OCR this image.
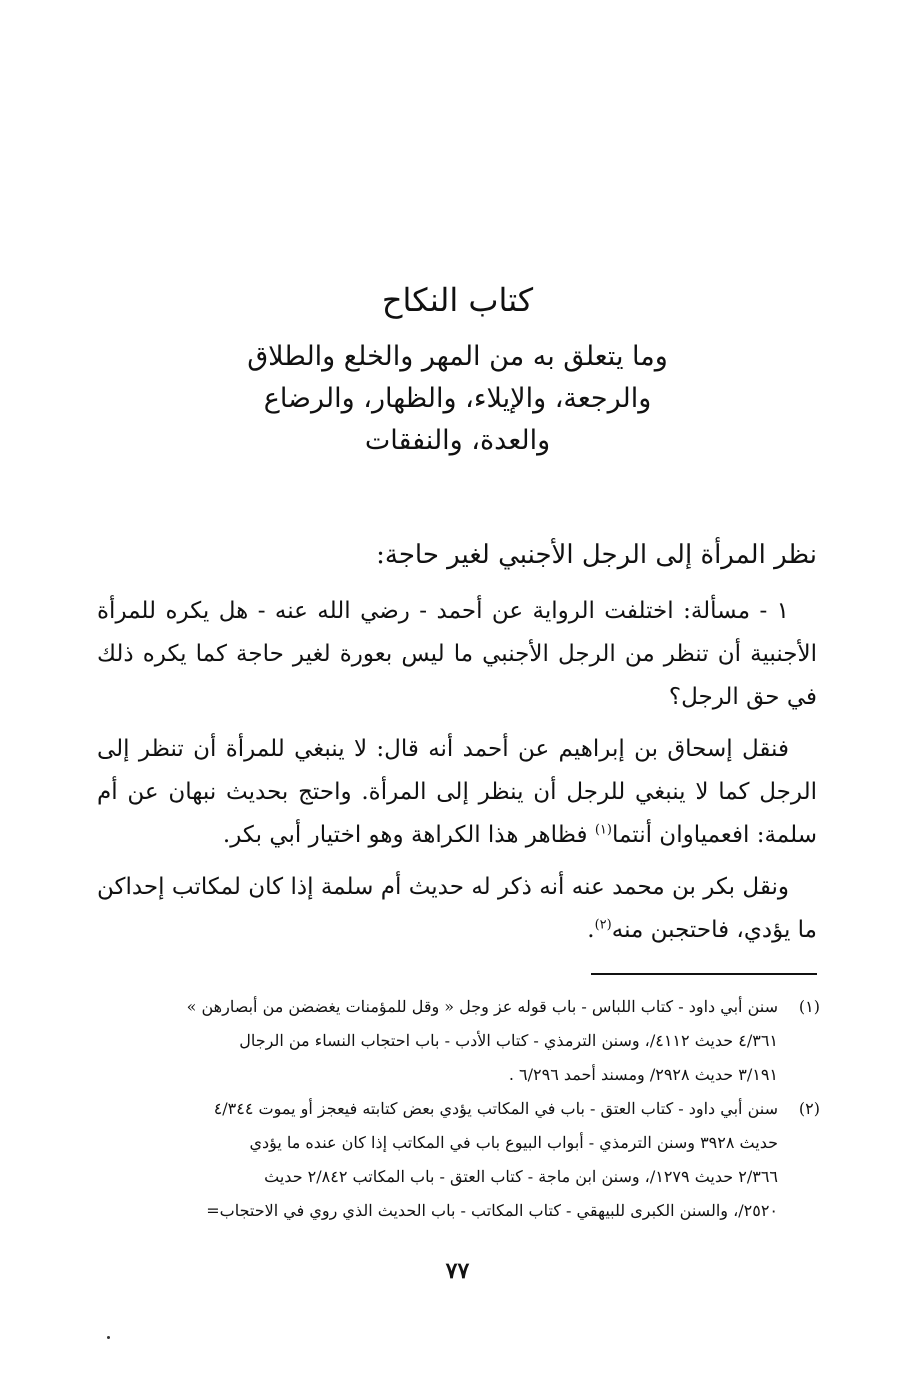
كتاب النكاح

وما يتعلق به من المهر والخلع والطلاق

والرجعة، والإيلاء، والظهار، والرضاع

والعدة، والنفقات

نظر المرأة إلى الرجل الأجنبي لغير حاجة:

١ - مسألة: اختلفت الرواية عن أحمد - رضي الله عنه - هل يكره للمرأة الأجنبية أن تنظر من الرجل الأجنبي ما ليس بعورة لغير حاجة كما يكره ذلك في حق الرجل؟

فنقل إسحاق بن إبراهيم عن أحمد أنه قال: لا ينبغي للمرأة أن تنظر إلى الرجل كما لا ينبغي للرجل أن ينظر إلى المرأة. واحتج بحديث نبهان عن أم سلمة: افعمياوان أنتما$^{(١)}$ فظاهر هذا الكراهة وهو اختيار أبي بكر.

ونقل بكر بن محمد عنه أنه ذكر له حديث أم سلمة إذا كان لمكاتب إحداكن ما يؤدي، فاحتجبن منه$^{(٢)}$.

(١)
سنن أبي داود - كتاب اللباس - باب قوله عز وجل « وقل للمؤمنات يغضضن من أبصارهن »
٤/٣٦١ حديث ٤١١٢/، وسنن الترمذي - كتاب الأدب - باب احتجاب النساء من الرجال
٣/١٩١ حديث ٢٩٢٨/ ومسند أحمد ٦/٢٩٦ .
(٢)
سنن أبي داود - كتاب العتق - باب في المكاتب يؤدي بعض كتابته فيعجز أو يموت ٤/٣٤٤
حديث ٣٩٢٨ وسنن الترمذي - أبواب البيوع باب في المكاتب إذا كان عنده ما يؤدي
٢/٣٦٦ حديث ١٢٧٩/، وسنن ابن ماجة - كتاب العتق - باب المكاتب ٢/٨٤٢ حديث
٢٥٢٠/، والسنن الكبرى للبيهقي - كتاب المكاتب - باب الحديث الذي روي في الاحتجاب=
٧٧
